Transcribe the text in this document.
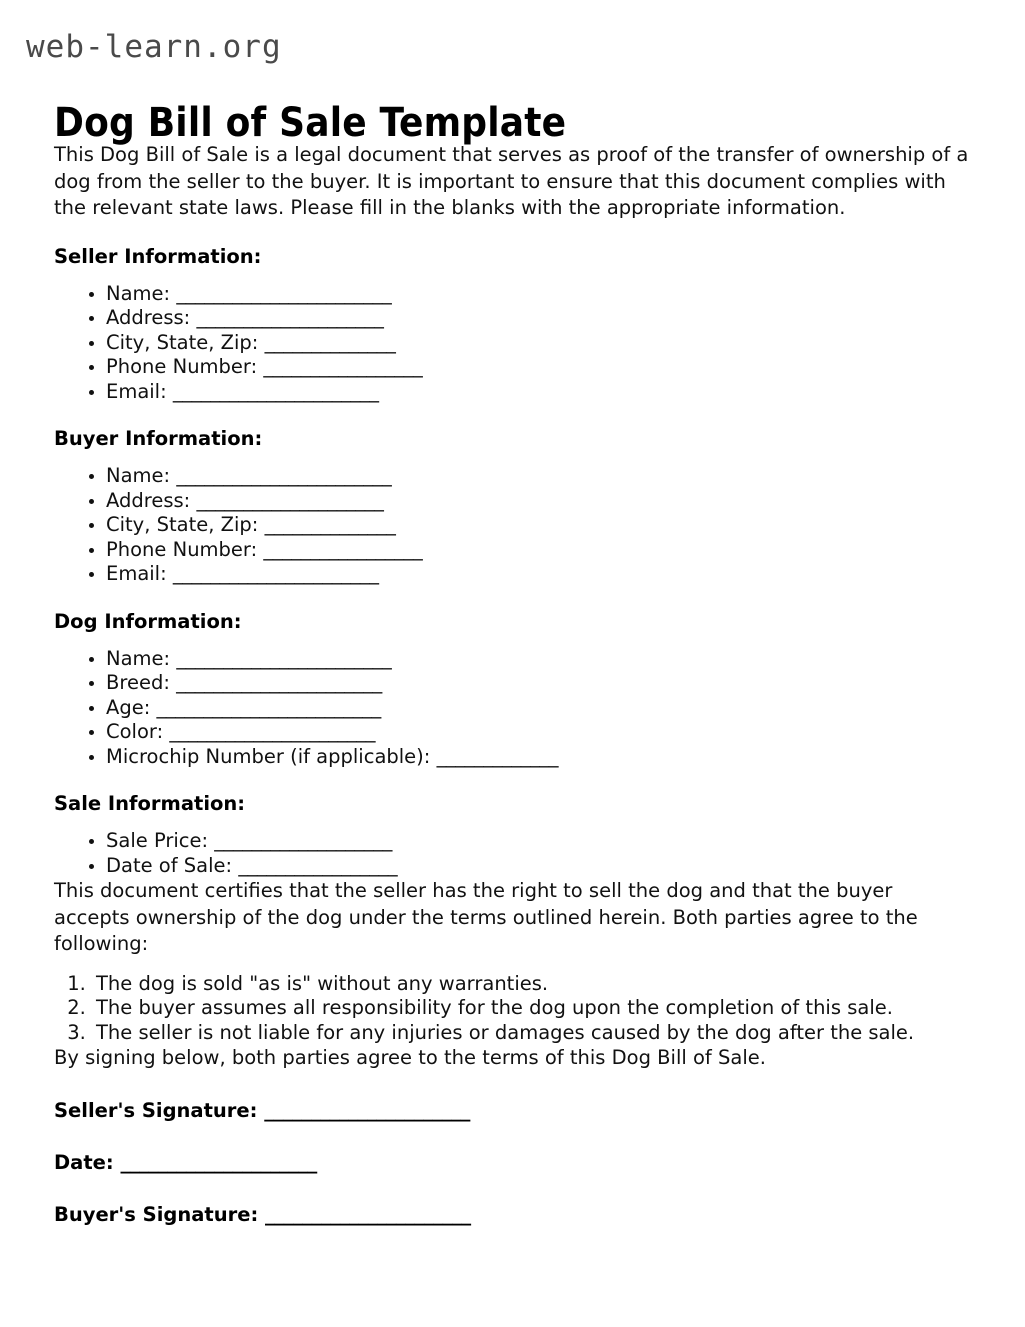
web-learn.org
Dog Bill of Sale Template

This Dog Bill of Sale is a legal document that serves as proof of the transfer of ownership of a dog from the seller to the buyer. It is important to ensure that this document complies with the relevant state laws. Please fill in the blanks with the appropriate information.

Seller Information:
• Name: _______________________
• Address: ____________________
• City, State, Zip: ______________
• Phone Number: _________________
• Email: ______________________
Buyer Information:
• Name: _______________________
• Address: ____________________
• City, State, Zip: ______________
• Phone Number: _________________
• Email: ______________________
Dog Information:
• Name: _______________________
• Breed: ______________________
• Age: ________________________
• Color: ______________________
• Microchip Number (if applicable): _____________
Sale Information:
• Sale Price: ___________________
• Date of Sale: _________________

This document certifies that the seller has the right to sell the dog and that the buyer accepts ownership of the dog under the terms outlined herein. Both parties agree to the following:

1. The dog is sold "as is" without any warranties.
2. The buyer assumes all responsibility for the dog upon the completion of this sale.
3. The seller is not liable for any injuries or damages caused by the dog after the sale.

By signing below, both parties agree to the terms of this Dog Bill of Sale.

Seller's Signature: ______________________
Date: _____________________
Buyer's Signature: ______________________
